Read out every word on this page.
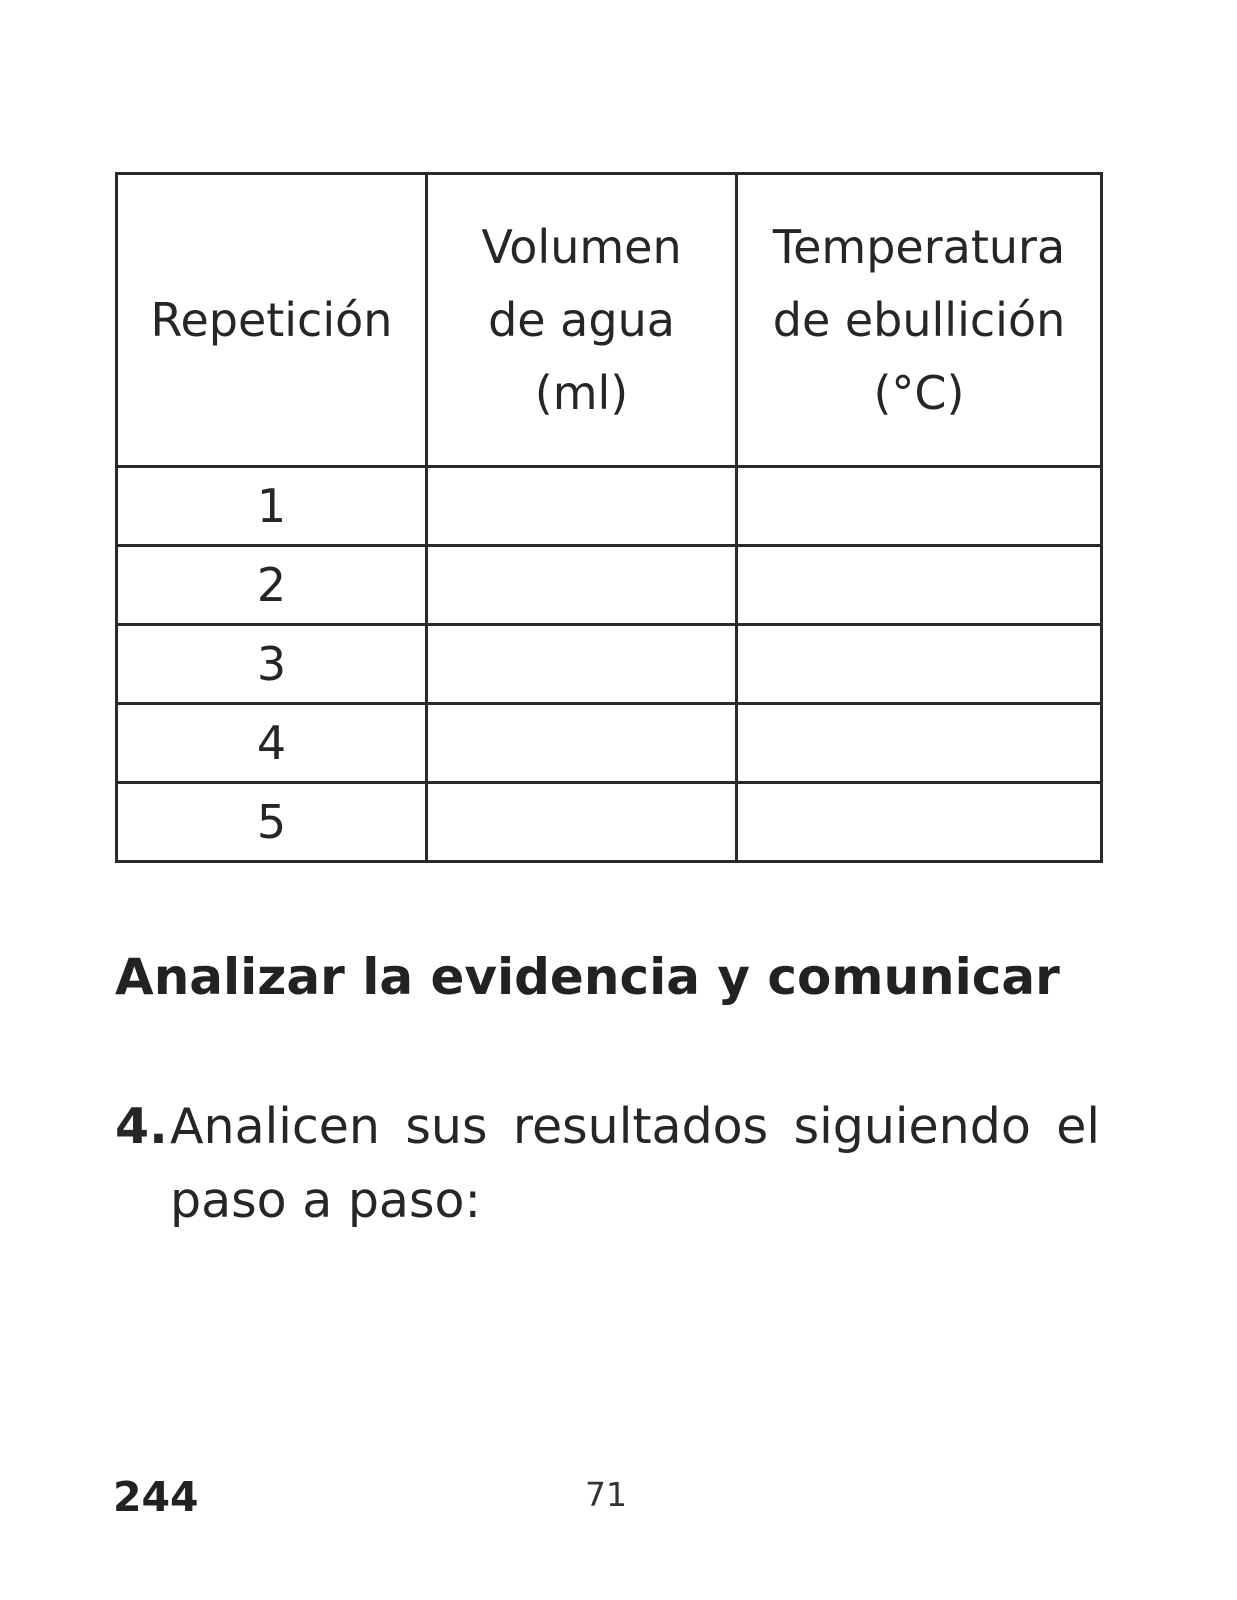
Repetición	Volumen de agua (ml)	Temperatura de ebullición (°C)

1		
2		
3		
4		
5		
Analizar la evidencia y comunicar
4. Analicen sus resultados siguiendo el paso a paso:
244	71
